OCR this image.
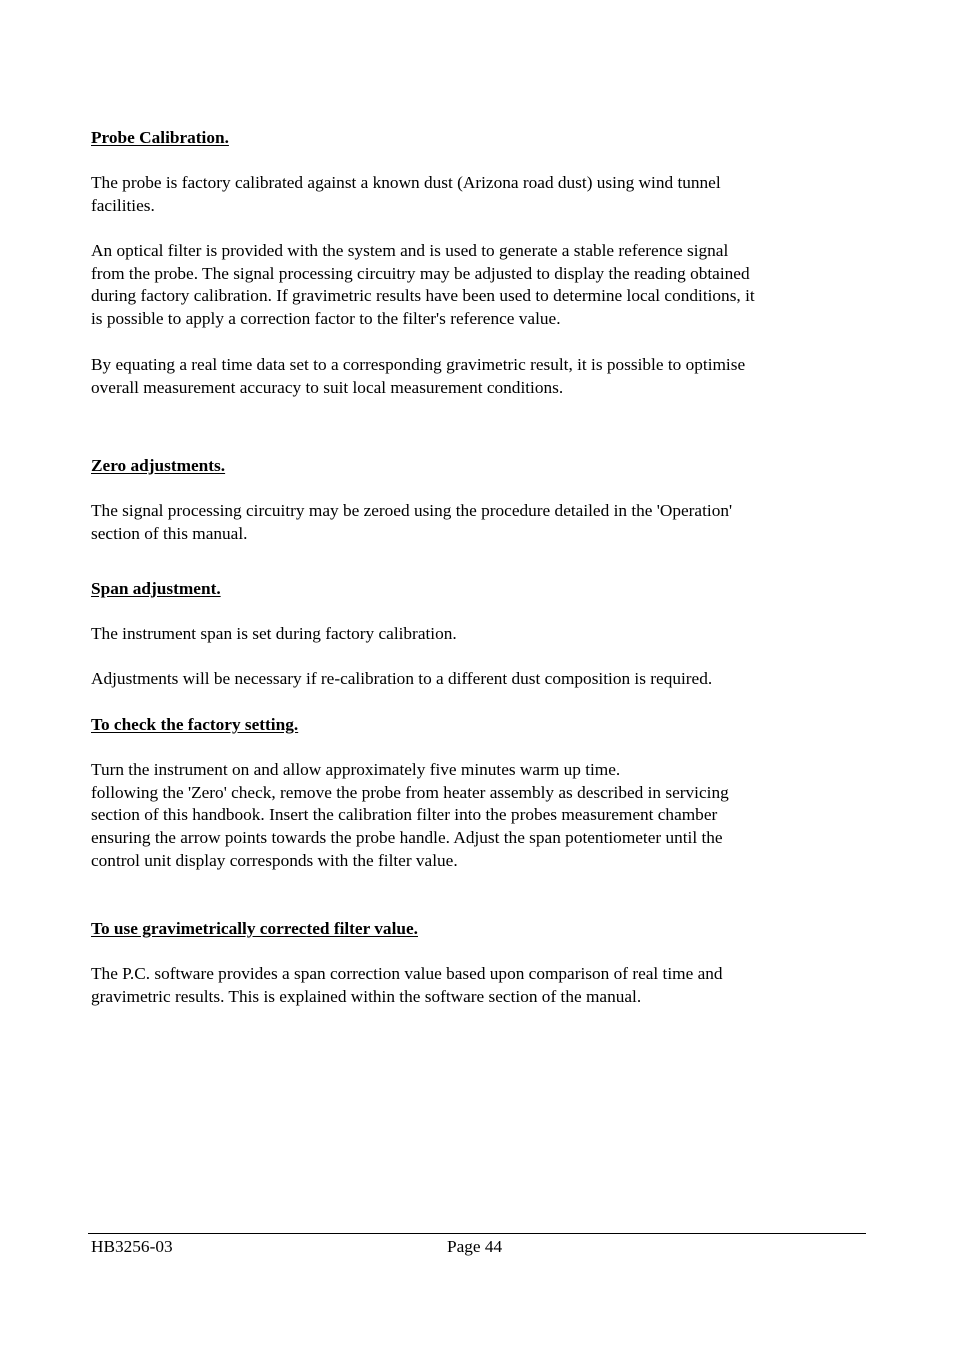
Probe Calibration.
The probe is factory calibrated against a known dust (Arizona road dust) using wind tunnel
facilities.
An optical filter is provided with the system and is used to generate a stable reference signal
from the probe. The signal processing circuitry may be adjusted to display the reading obtained
during factory calibration. If gravimetric results have been used to determine local conditions, it
is possible to apply a correction factor to the filter's reference value.
By equating a real time data set to a corresponding gravimetric result, it is possible to optimise
overall measurement accuracy to suit local measurement conditions.
Zero adjustments.
The signal processing circuitry may be zeroed using the procedure detailed in the 'Operation'
section of this manual.
Span adjustment.
The instrument span is set during factory calibration.
Adjustments will be necessary if re-calibration to a different dust composition is required.
To check the factory setting.
Turn the instrument on and allow approximately five minutes warm up time.
following the 'Zero' check, remove the probe from heater assembly as described in servicing
section of this handbook. Insert the calibration filter into the probes measurement chamber
ensuring the arrow points towards the probe handle. Adjust the span potentiometer until the
control unit display corresponds with the filter value.
To use gravimetrically corrected filter value.
The P.C. software provides a span correction value based upon comparison of real time and
gravimetric results. This is explained within the software section of the manual.
HB3256-03	Page 44
